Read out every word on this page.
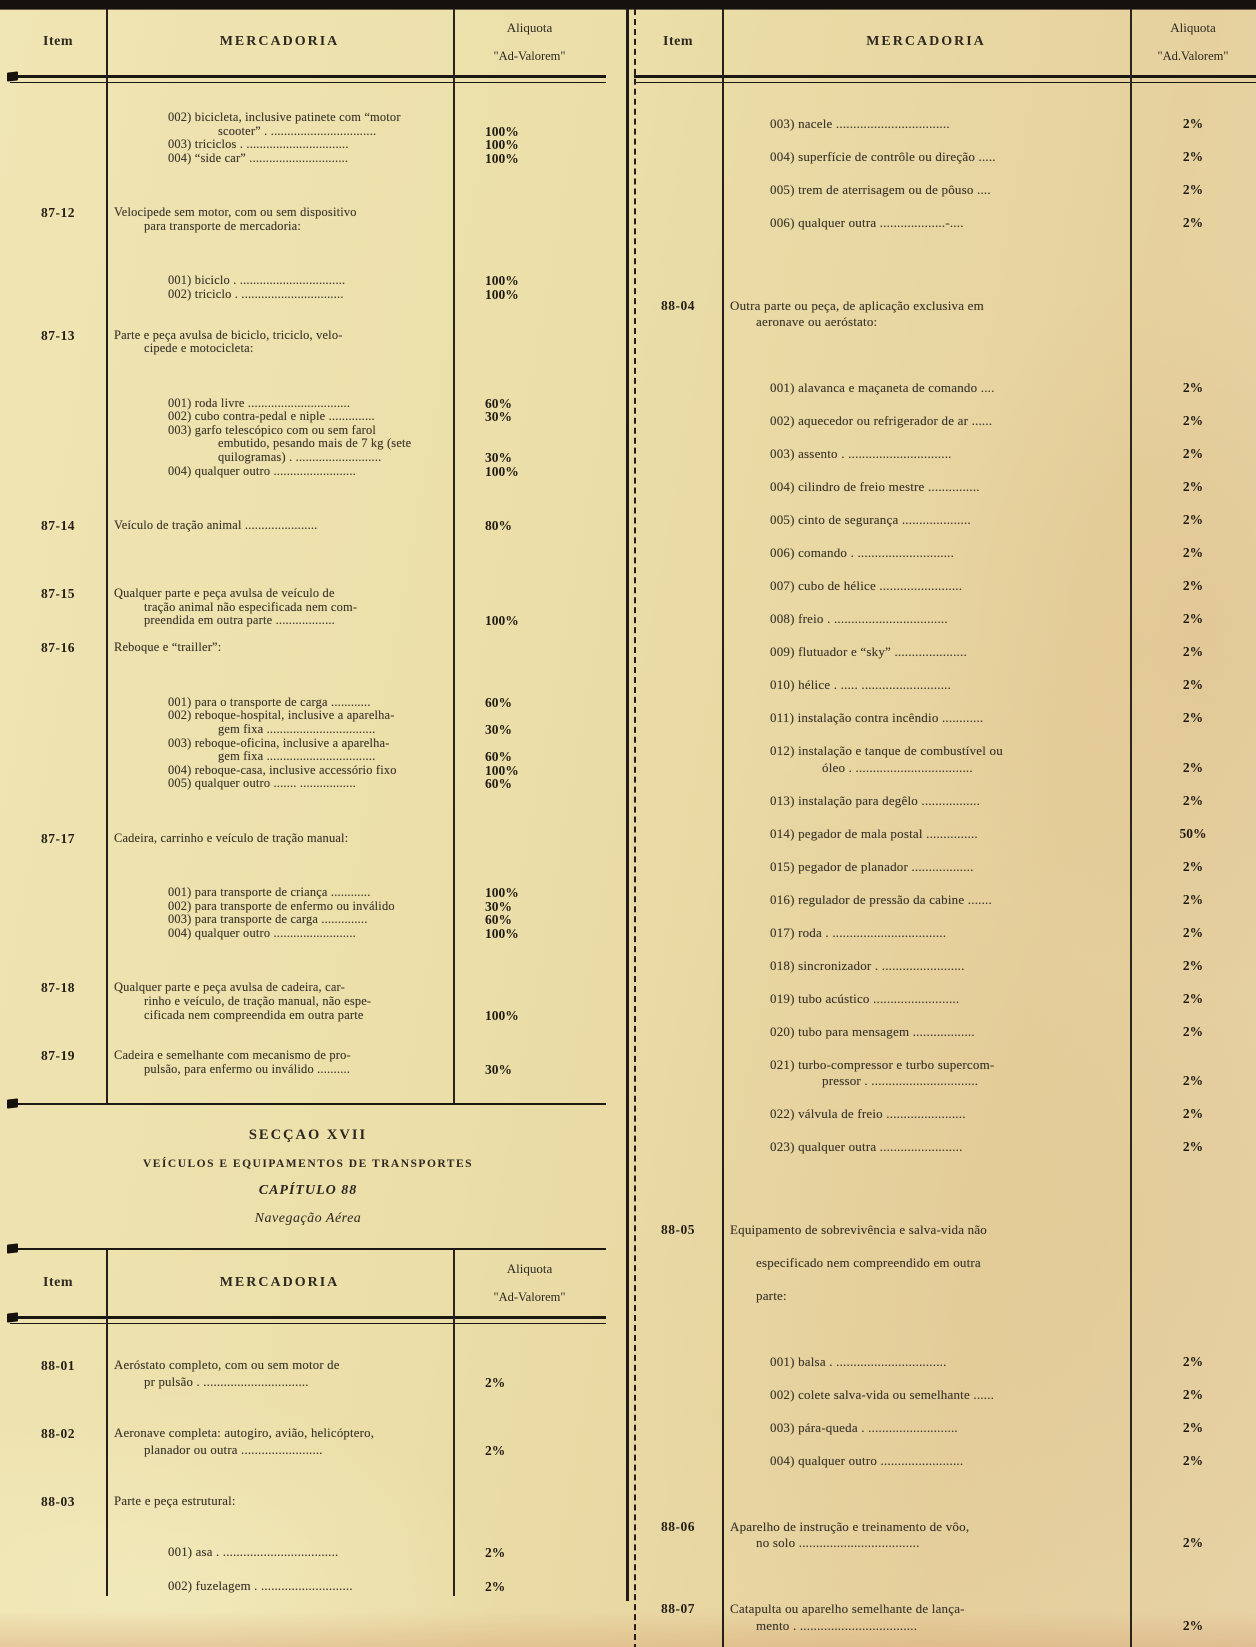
Item	MERCADORIA
Aliquota
"Ad-Valorem"
002) bicicleta, inclusive patinete com “motor
scooter” . ................................	100%
003) triciclos . ...............................	100%
004) “side car” ..............................	100%
87-12	Velocipede sem motor, com ou sem dispositivo
para transporte de mercadoria:
001) biciclo . ................................	100%
002) triciclo . ...............................	100%
87-13	Parte e peça avulsa de biciclo, triciclo, velo-
cipede e motocicleta:
001) roda livre ...............................	60%
002) cubo contra-pedal e niple ..............	30%
003) garfo telescópico com ou sem farol
embutido, pesando mais de 7 kg (sete
quilogramas) . ..........................	30%
004) qualquer outro .........................	100%
87-14	Veículo de tração animal ......................	80%
87-15	Qualquer parte e peça avulsa de veículo de
tração animal não especificada nem com-
preendida em outra parte ..................	100%
87-16	Reboque e “trailler”:
001) para o transporte de carga ............	60%
002) reboque-hospital, inclusive a aparelha-
gem fixa .................................	30%
003) reboque-oficina, inclusive a aparelha-
gem fixa .................................	60%
004) reboque-casa, inclusive accessório fixo	100%
005) qualquer outro ....... .................	60%
87-17	Cadeira, carrinho e veículo de tração manual:
001) para transporte de criança ............	100%
002) para transporte de enfermo ou inválido	30%
003) para transporte de carga ..............	60%
004) qualquer outro .........................	100%
87-18	Qualquer parte e peça avulsa de cadeira, car-
rinho e veículo, de tração manual, não espe-
cificada nem compreendida em outra parte	100%
87-19	Cadeira e semelhante com mecanismo de pro-
pulsão, para enfermo ou inválido ..........	30%
SECÇAO XVII
VEÍCULOS E EQUIPAMENTOS DE TRANSPORTES
CAPÍTULO 88
Navegação Aérea
Item	MERCADORIA
Aliquota
"Ad-Valorem"
88-01	Aeróstato completo, com ou sem motor de
pr pulsão . ...............................	2%
88-02	Aeronave completa: autogiro, avião, helicóptero,
planador ou outra ........................	2%
88-03	Parte e peça estrutural:
001) asa . ..................................	2%
002) fuzelagem . ...........................	2%
Item	MERCADORIA
Aliquota
"Ad.Valorem"
003) nacele .................................	2%
004) superfície de contrôle ou direção .....	2%
005) trem de aterrisagem ou de pôuso ....	2%
006) qualquer outra ...................-....	2%
88-04	Outra parte ou peça, de aplicação exclusiva em
aeronave ou aeróstato:
001) alavanca e maçaneta de comando ....	2%
002) aquecedor ou refrigerador de ar ......	2%
003) assento . ..............................	2%
004) cilindro de freio mestre ...............	2%
005) cinto de segurança ....................	2%
006) comando . ............................	2%
007) cubo de hélice ........................	2%
008) freio . .................................	2%
009) flutuador e “sky” .....................	2%
010) hélice . ..... ..........................	2%
011) instalação contra incêndio ............	2%
012) instalação e tanque de combustível ou
óleo . ..................................	2%
013) instalação para degêlo .................	2%
014) pegador de mala postal ...............	50%
015) pegador de planador ..................	2%
016) regulador de pressão da cabine .......	2%
017) roda . .................................	2%
018) sincronizador . ........................	2%
019) tubo acústico .........................	2%
020) tubo para mensagem ..................	2%
021) turbo-compressor e turbo supercom-
pressor . ...............................	2%
022) válvula de freio .......................	2%
023) qualquer outra ........................	2%
88-05	Equipamento de sobrevivência e salva-vida não
especificado nem compreendido em outra
parte:
001) balsa . ................................	2%
002) colete salva-vida ou semelhante ......	2%
003) pára-queda . ..........................	2%
004) qualquer outro ........................	2%
88-06	Aparelho de instrução e treinamento de vôo,
no solo ...................................	2%
88-07	Catapulta ou aparelho semelhante de lança-
mento . ..................................	2%
